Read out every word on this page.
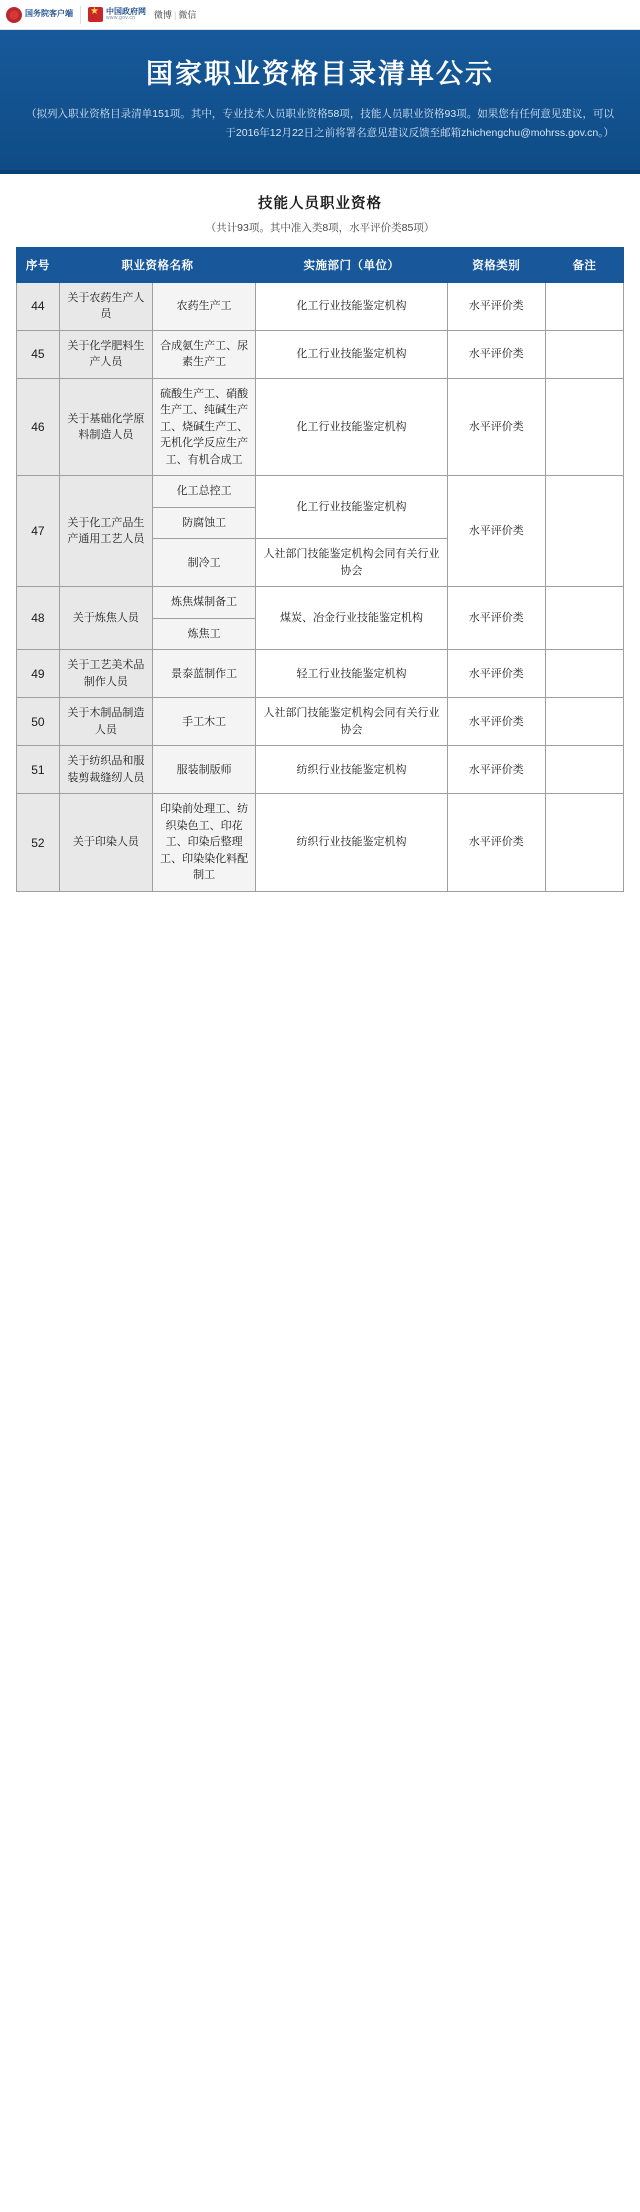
国务院客户端 ★	中国政府网
www.gov.cn	微博 | 微信
国家职业资格目录清单公示

（拟列入职业资格目录清单151项。其中，专业技术人员职业资格58项，技能人员职业资格93项。如果您有任何意见建议，可以于2016年12月22日之前将署名意见建议反馈至邮箱zhichengchu@mohrss.gov.cn。）

技能人员职业资格
（共计93项。其中准入类8项，水平评价类85项）
序号	职业资格名称		实施部门（单位）	资格类别	备注
44	关于农药生产人员	农药生产工	化工行业技能鉴定机构	水平评价类	
45	关于化学肥料生产人员	合成氨生产工、尿素生产工	化工行业技能鉴定机构	水平评价类	
46	关于基础化学原料制造人员	硫酸生产工、硝酸生产工、纯碱生产工、烧碱生产工、无机化学反应生产工、有机合成工	化工行业技能鉴定机构	水平评价类	
47	关于化工产品生产通用工艺人员	化工总控工	化工行业技能鉴定机构	水平评价类	
		防腐蚀工			
		制冷工	人社部门技能鉴定机构会同有关行业协会		
48	关于炼焦人员	炼焦煤制备工	煤炭、冶金行业技能鉴定机构	水平评价类	
		炼焦工			
49	关于工艺美术品制作人员	景泰蓝制作工	轻工行业技能鉴定机构	水平评价类	
50	关于木制品制造人员	手工木工	人社部门技能鉴定机构会同有关行业协会	水平评价类	
51	关于纺织品和服装剪裁缝纫人员	服装制版师	纺织行业技能鉴定机构	水平评价类	
52	关于印染人员	印染前处理工、纺织染色工、印花工、印染后整理工、印染染化料配制工	纺织行业技能鉴定机构	水平评价类	
